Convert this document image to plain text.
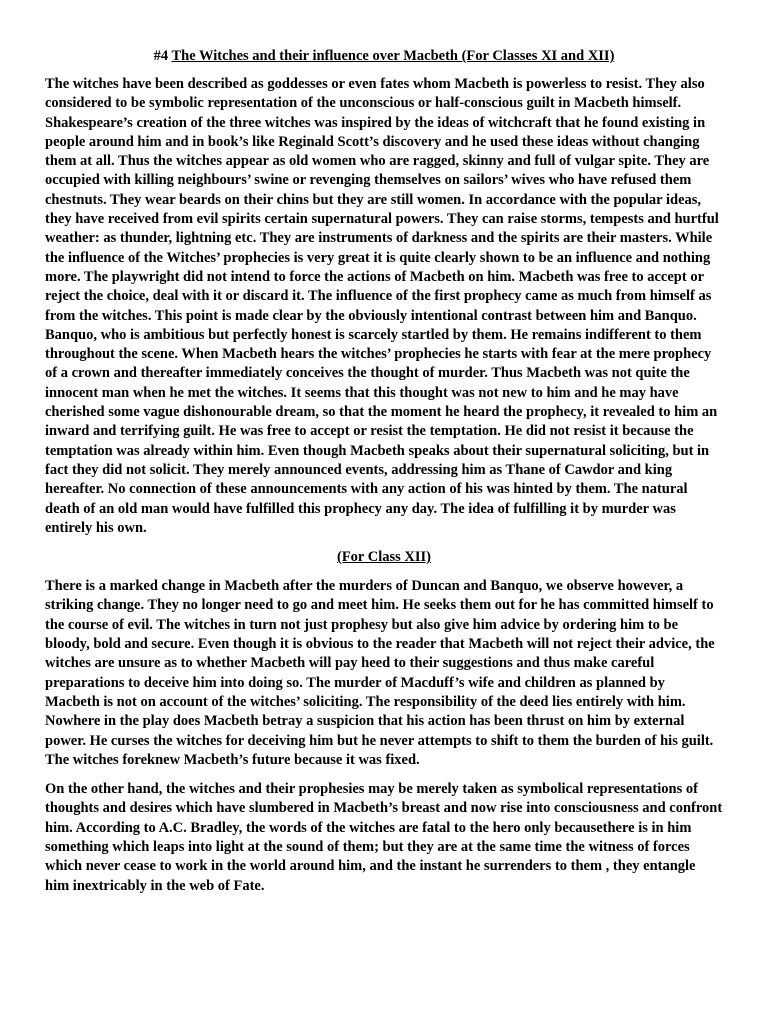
#4 The Witches and their influence over Macbeth (For Classes XI and XII)

The witches have been described as goddesses or even fates whom Macbeth is powerless to resist. They also considered to be symbolic representation of the unconscious or half-conscious guilt in Macbeth himself. Shakespeare’s creation of the three witches was inspired by the ideas of witchcraft that he found existing in people around him and in book’s like Reginald Scott’s discovery and he used these ideas without changing them at all. Thus the witches appear as old women who are ragged, skinny and full of vulgar spite. They are occupied with killing neighbours’ swine or revenging themselves on sailors’ wives who have refused them chestnuts. They wear beards on their chins but they are still women. In accordance with the popular ideas, they have received from evil spirits certain supernatural powers. They can raise storms, tempests and hurtful weather: as thunder, lightning etc. They are instruments of darkness and the spirits are their masters. While the influence of the Witches’ prophecies is very great it is quite clearly shown to be an influence and nothing more. The playwright did not intend to force the actions of Macbeth on him. Macbeth was free to accept or reject the choice, deal with it or discard it. The influence of the first prophecy came as much from himself as from the witches. This point is made clear by the obviously intentional contrast between him and Banquo. Banquo, who is ambitious but perfectly honest is scarcely startled by them. He remains indifferent to them throughout the scene. When Macbeth hears the witches’ prophecies he starts with fear at the mere prophecy of a crown and thereafter immediately conceives the thought of murder. Thus Macbeth was not quite the innocent man when he met the witches. It seems that this thought was not new to him and he may have cherished some vague dishonourable dream, so that the moment he heard the prophecy, it revealed to him an inward and terrifying guilt. He was free to accept or resist the temptation. He did not resist it because the temptation was already within him. Even though Macbeth speaks about their supernatural soliciting, but in fact they did not solicit. They merely announced events, addressing him as Thane of Cawdor and king hereafter. No connection of these announcements with any action of his was hinted by them. The natural death of an old man would have fulfilled this prophecy any day. The idea of fulfilling it by murder was entirely his own.

(For Class XII)

There is a marked change in Macbeth after the murders of Duncan and Banquo, we observe however, a striking change. They no longer need to go and meet him. He seeks them out for he has committed himself to the course of evil. The witches in turn not just prophesy but also give him advice by ordering him to be bloody, bold and secure. Even though it is obvious to the reader that Macbeth will not reject their advice, the witches are unsure as to whether Macbeth will pay heed to their suggestions and thus make careful preparations to deceive him into doing so. The murder of Macduff’s wife and children as planned by Macbeth is not on account of the witches’ soliciting. The responsibility of the deed lies entirely with him. Nowhere in the play does Macbeth betray a suspicion that his action has been thrust on him by external power. He curses the witches for deceiving him but he never attempts to shift to them the burden of his guilt. The witches foreknew Macbeth’s future because it was fixed.

On the other hand, the witches and their prophesies may be merely taken as symbolical representations of thoughts and desires which have slumbered in Macbeth’s breast and now rise into consciousness and confront him. According to A.C. Bradley, the words of the witches are fatal to the hero only becausethere is in him something which leaps into light at the sound of them; but they are at the same time the witness of forces which never cease to work in the world around him, and the instant he surrenders to them , they entangle him inextricably in the web of Fate.
